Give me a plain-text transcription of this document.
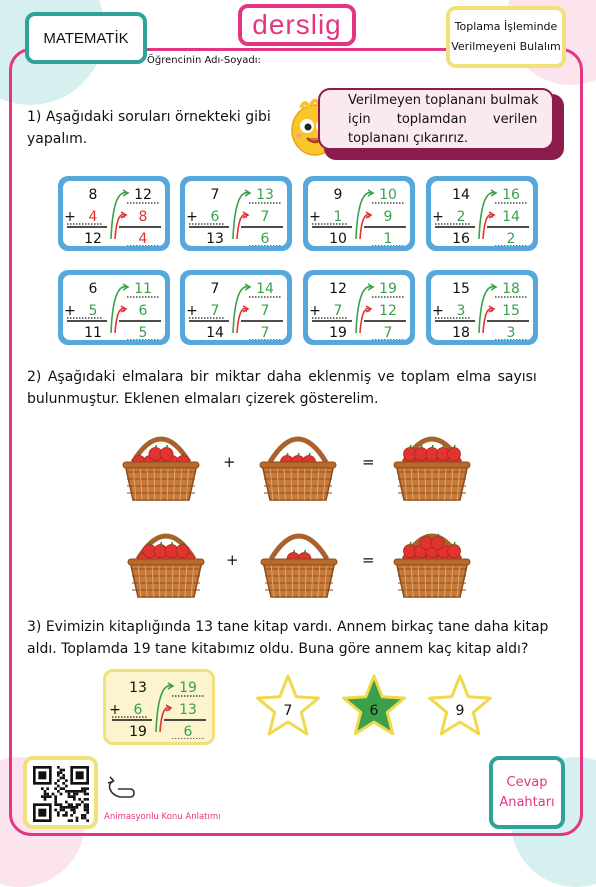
MATEMATİK	derslig	Toplama İşleminde
Verilmeyeni Bulalım
Öğrencinin Adı-Soyadı:
1) Aşağıdaki soruları örnekteki gibi
yapalım.
Verilmeyen toplananı bulmak
için toplamdan verilen
toplananı çıkarırız.
8
+ 4
12
12
- 8
4
7
+ 6
13
13
- 7
6
9
+ 1
10
10
- 9
1
14
+ 2
16
16
- 14
2
6
+ 5
11
11
- 6
5
7
+ 7
14
14
- 7
7
12
+ 7
19
19
- 12
7
15
+ 3
18
18
- 15
3
2) Aşağıdaki elmalara bir miktar daha eklenmiş ve toplam elma sayısı
bulunmuştur. Eklenen elmaları çizerek gösterelim.
+	=
+	=
3) Evimizin kitaplığında 13 tane kitap vardı. Annem birkaç tane daha kitap
aldı. Toplamda 19 tane kitabımız oldu. Buna göre annem kaç kitap aldı?
13
+ 6
19
19
- 13
6
7	6	9
Animasyonlu Konu Anlatımı
Cevap
Anahtarı
